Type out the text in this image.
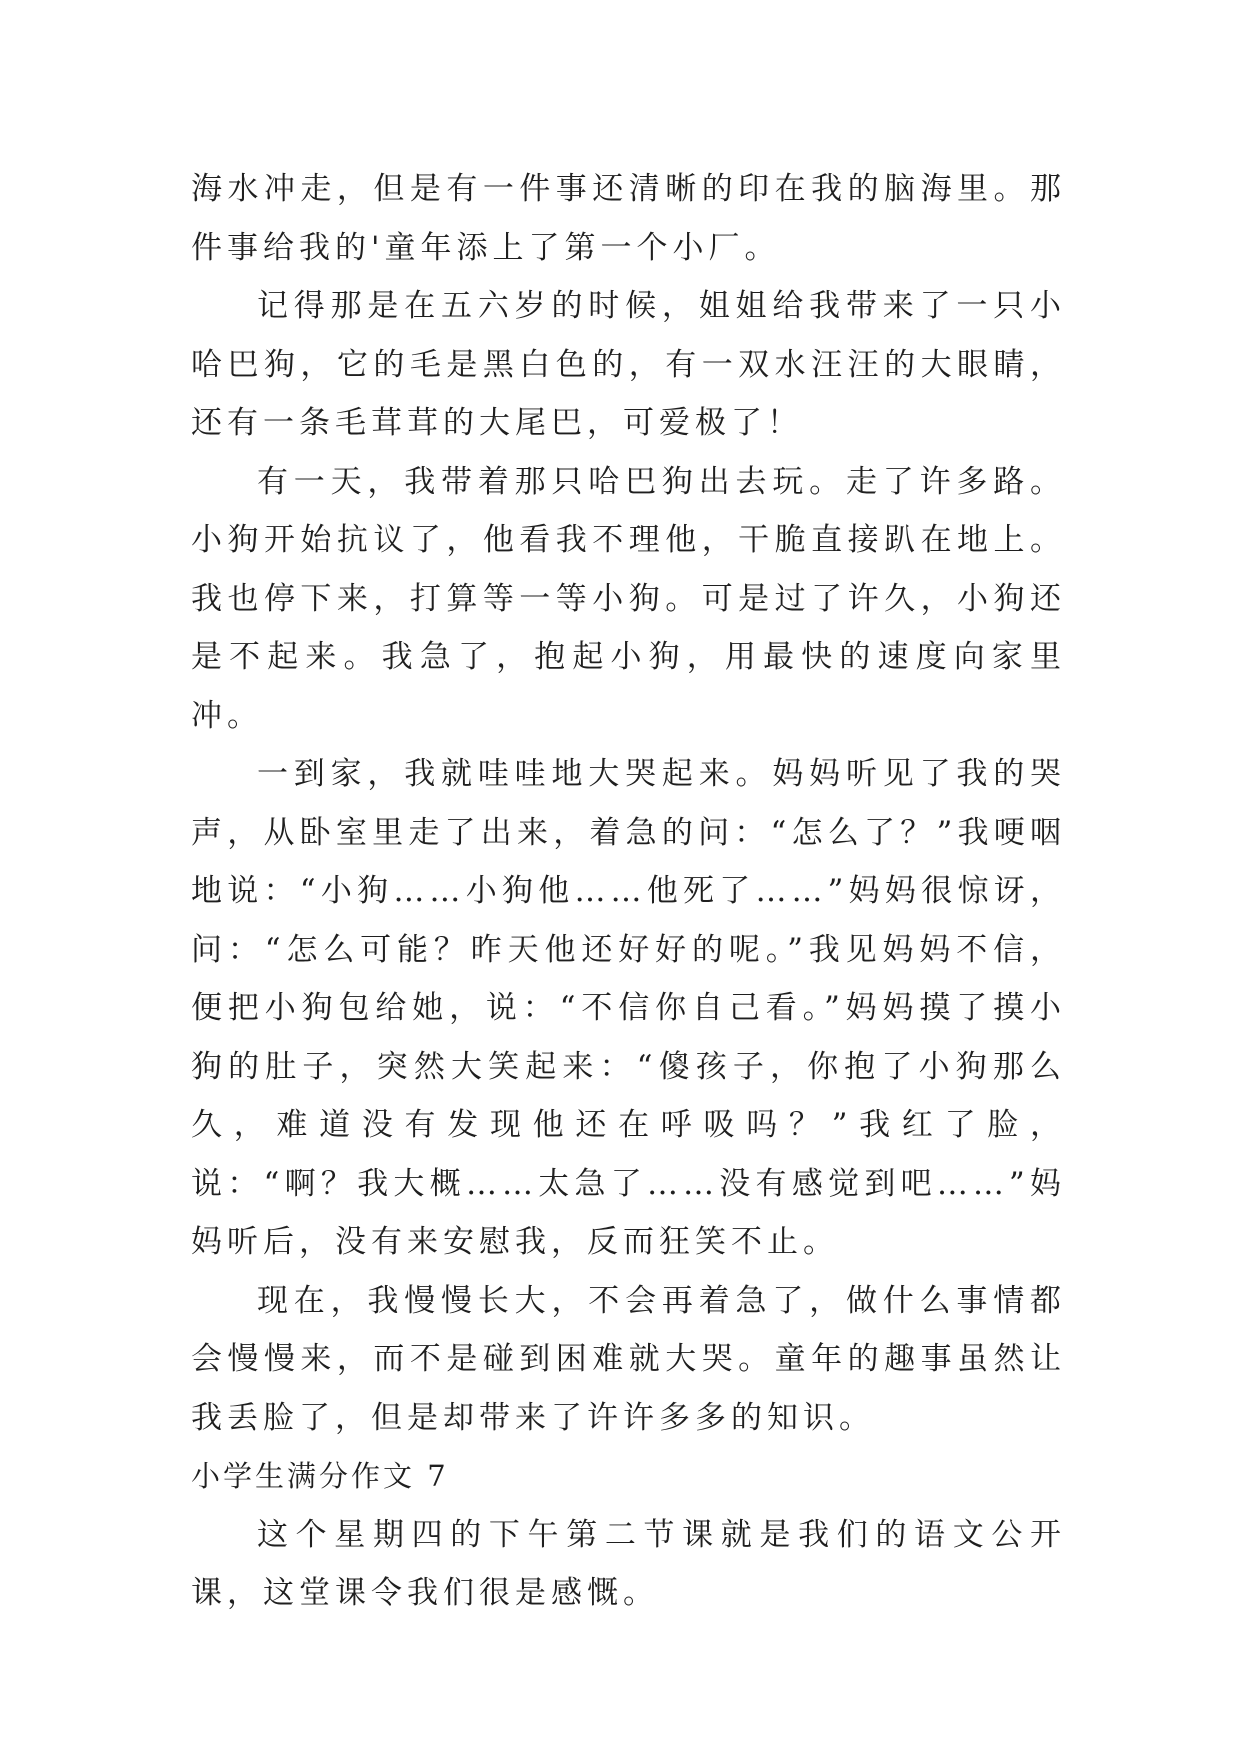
海水冲走，但是有一件事还清晰的印在我的脑海里。那件事给我的'童年添上了第一个小厂。

记得那是在五六岁的时候，姐姐给我带来了一只小哈巴狗，它的毛是黑白色的，有一双水汪汪的大眼睛，还有一条毛茸茸的大尾巴，可爱极了！

有一天，我带着那只哈巴狗出去玩。走了许多路。小狗开始抗议了，他看我不理他，干脆直接趴在地上。我也停下来，打算等一等小狗。可是过了许久，小狗还是不起来。我急了，抱起小狗，用最快的速度向家里冲。

一到家，我就哇哇地大哭起来。妈妈听见了我的哭声，从卧室里走了出来，着急的问：“怎么了？”我哽咽地说：“小狗……小狗他……他死了……”妈妈很惊讶，问：“怎么可能？昨天他还好好的呢。”我见妈妈不信，便把小狗包给她，说：“不信你自己看。”妈妈摸了摸小狗的肚子，突然大笑起来：“傻孩子，你抱了小狗那么久，难道没有发现他还在呼吸吗？”我红了脸，说：“啊？我大概……太急了……没有感觉到吧……”妈妈听后，没有来安慰我，反而狂笑不止。

现在，我慢慢长大，不会再着急了，做什么事情都会慢慢来，而不是碰到困难就大哭。童年的趣事虽然让我丢脸了，但是却带来了许许多多的知识。

小学生满分作文 7

这个星期四的下午第二节课就是我们的语文公开课，这堂课令我们很是感慨。
